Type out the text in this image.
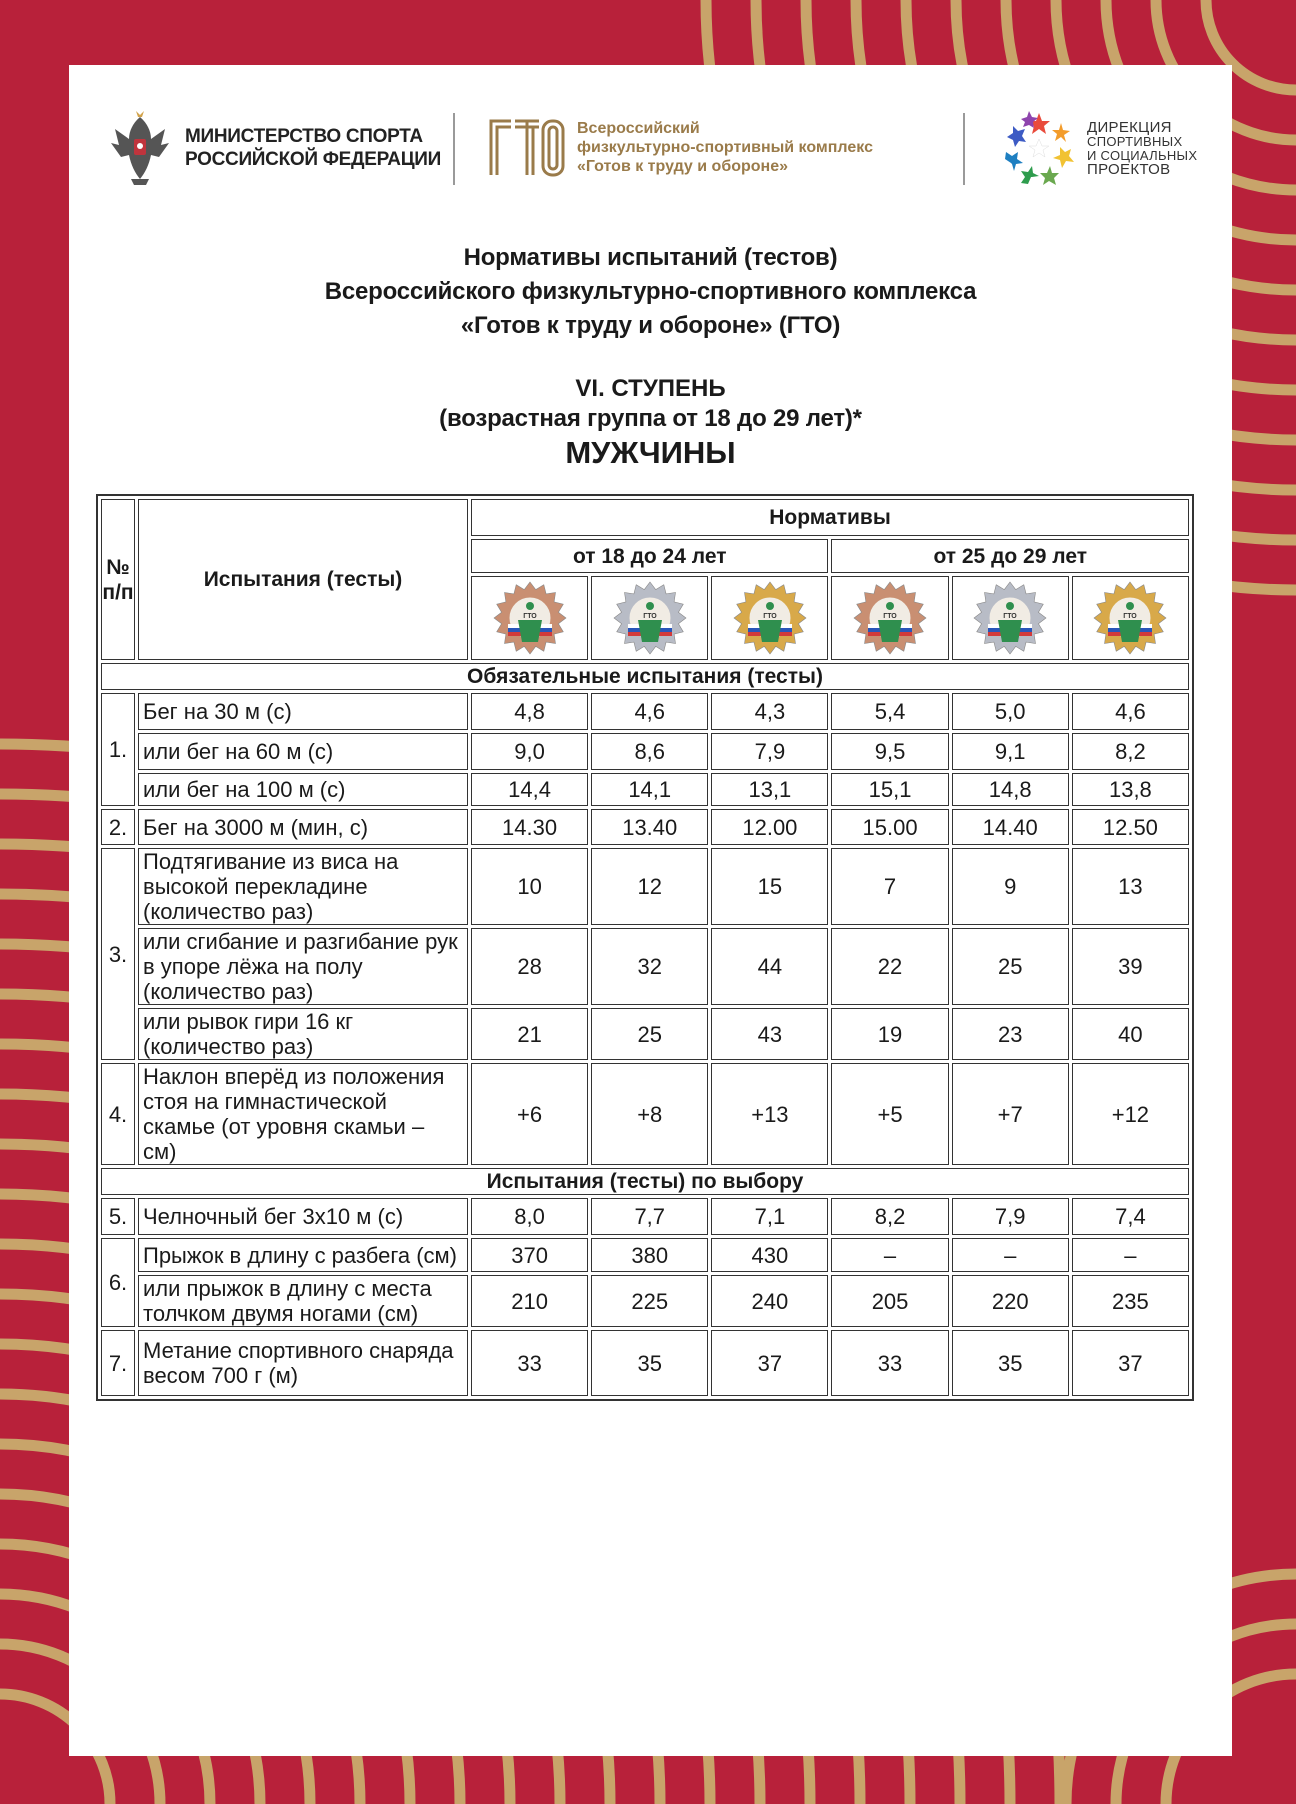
МИНИСТЕРСТВО СПОРТА
РОССИЙСКОЙ ФЕДЕРАЦИИ
Всероссийский
физкультурно-спортивный комплекс
«Готов к труду и обороне»
ДИРЕКЦИЯ
СПОРТИВНЫХ
И СОЦИАЛЬНЫХ
ПРОЕКТОВ
Нормативы испытаний (тестов)
Всероссийского физкультурно-спортивного комплекса
«Готов к труду и обороне» (ГТО)
VI. СТУПЕНЬ
(возрастная группа от 18 до 29 лет)*
МУЖЧИНЫ
№ п/п	Испытания (тесты)	Нормативы					
		от 18 до 24 лет			от 25 до 29 лет		

ГТО	ГТО	ГТО	ГТО	ГТО	ГТО

Обязательные испытания (тесты)							
1.	Бег на 30 м (с)	4,8	4,6	4,3	5,4	5,0	4,6
	или бег на 60 м (с)	9,0	8,6	7,9	9,5	9,1	8,2
	или бег на 100 м (с)	14,4	14,1	13,1	15,1	14,8	13,8
2.	Бег на 3000 м (мин, с)	14.30	13.40	12.00	15.00	14.40	12.50
3.	Подтягивание из виса на высокой перекладине (количество раз)	10	12	15	7	9	13
	или сгибание и разгибание рук в упоре лёжа на полу (количество раз)	28	32	44	22	25	39
	или рывок гири 16 кг (количество раз)	21	25	43	19	23	40
4.	Наклон вперёд из положения стоя на гимнастической скамье (от уровня скамьи – см)	+6	+8	+13	+5	+7	+12
Испытания (тесты) по выбору							
5.	Челночный бег 3х10 м (с)	8,0	7,7	7,1	8,2	7,9	7,4
6.	Прыжок в длину с разбега (см)	370	380	430	–	–	–
	или прыжок в длину с места толчком двумя ногами (см)	210	225	240	205	220	235
7.	Метание спортивного снаряда весом 700 г (м)	33	35	37	33	35	37
